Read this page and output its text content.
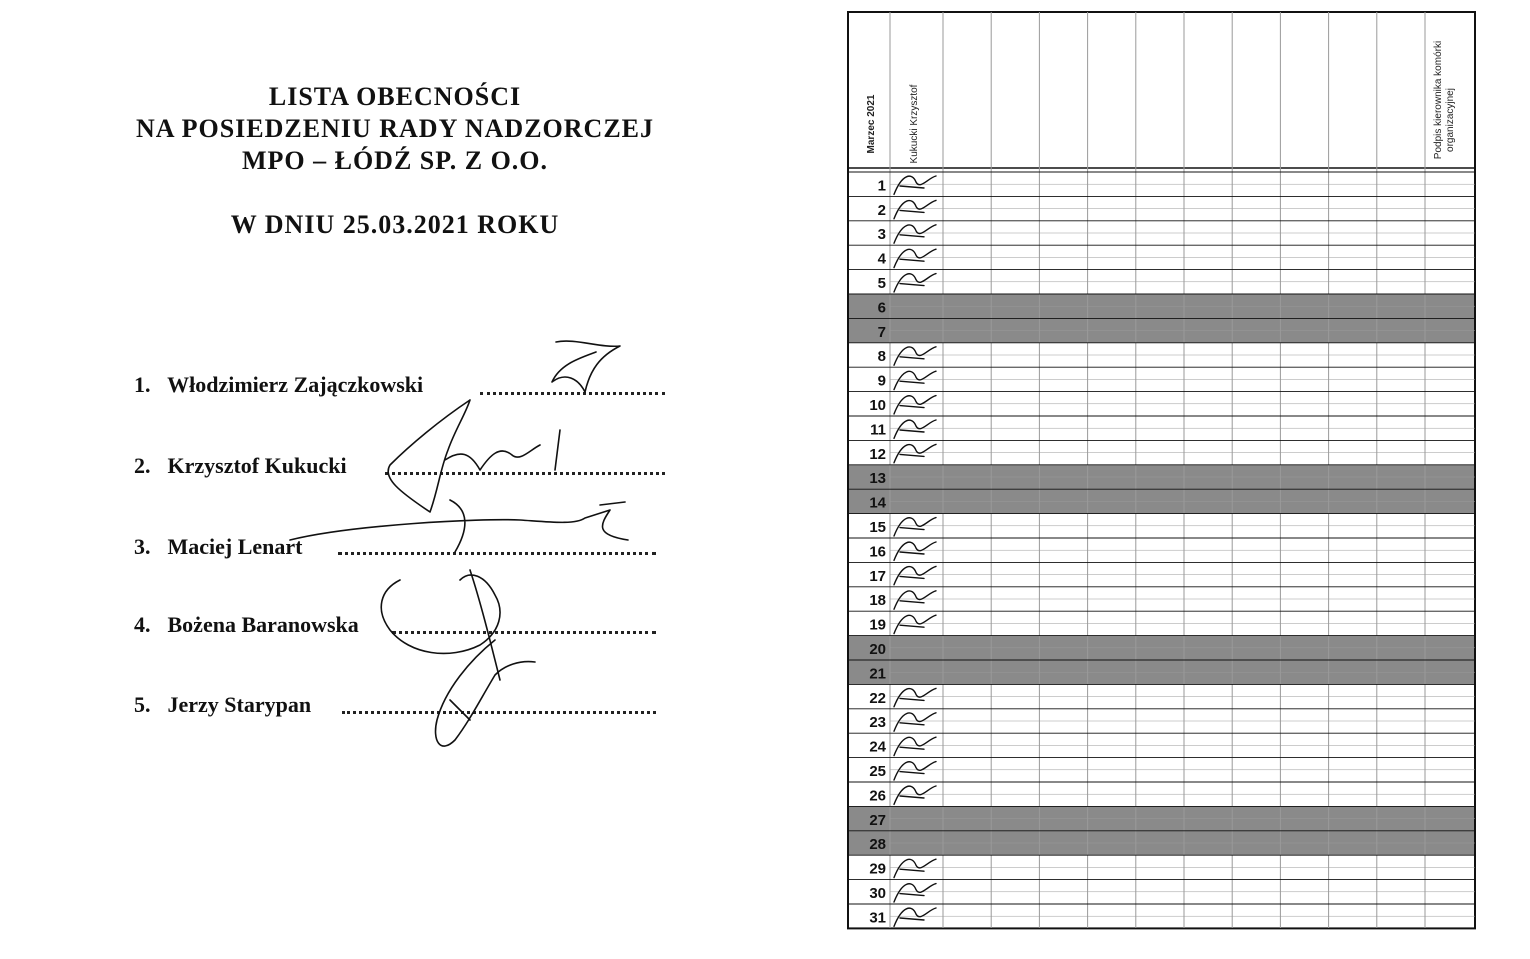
LISTA OBECNOŚCI
NA POSIEDZENIU RADY NADZORCZEJ
MPO – ŁÓDŹ SP. Z O.O.
W DNIU 25.03.2021 ROKU
1. Włodzimierz Zajączkowski
2. Krzysztof Kukucki
3. Maciej Lenart
4. Bożena Baranowska
5. Jerzy Starypan
Marzec 2021	Kukucki Krzysztof	Podpis kierownika komórki organizacyjnej
1
2
3
4
5
6
7
8
9
10
11
12
13
14
15
16
17
18
19
20
21
22
23
24
25
26
27
28
29
30
31
